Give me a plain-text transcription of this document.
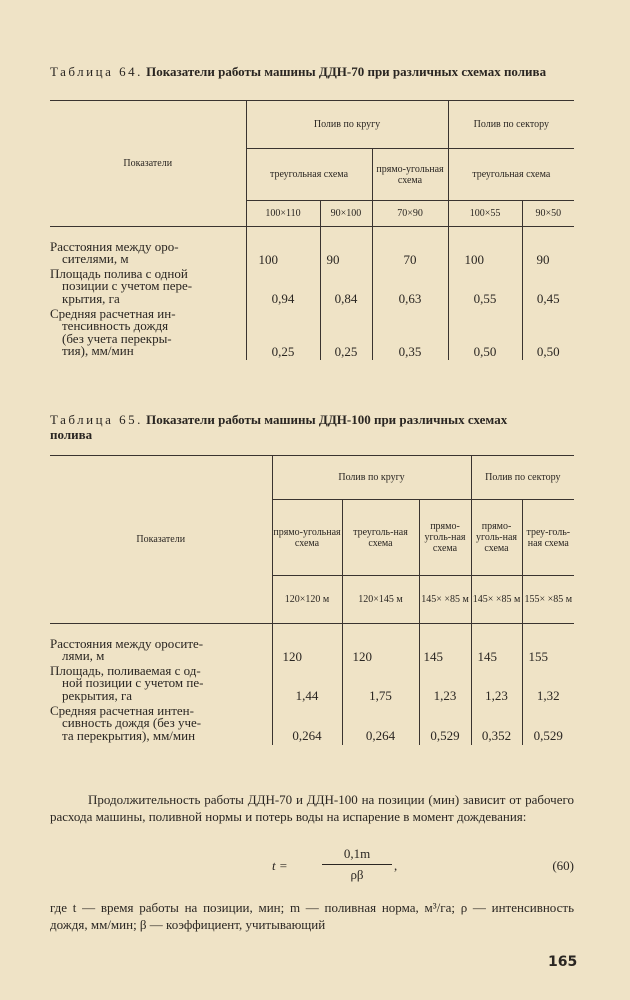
Таблица 64. Показатели работы машины ДДН-70 при различных схемах полива

Показатели	Полив по кругу			Полив по сектору	
	треугольная схема		прямо-угольная схема	треугольная схема	
	100×110	90×100	70×90	100×55	90×50

Расстояния между оро-
сителями, м	100	90	70	100	90

Площадь полива с одной
позиции с учетом пере-
крытия, га	0,94	0,84	0,63	0,55	0,45

Средняя расчетная ин-
тенсивность дождя
(без учета перекры-
тия), мм/мин	0,25	0,25	0,35	0,50	0,50

Таблица 65. Показатели работы машины ДДН-100 при различных схемах полива

Показатели	Полив по кругу			Полив по сектору	
	прямо-угольная схема	треуголь-ная схема	прямо-уголь-ная схема	прямо-уголь-ная схема	треу-голь-ная схема
	120×120 м	120×145 м	145× ×85 м	145× ×85 м	155× ×85 м

Расстояния между оросите-
лями, м	120	120	145	145	155

Площадь, поливаемая с од-
ной позиции с учетом пе-
рекрытия, га	1,44	1,75	1,23	1,23	1,32

Средняя расчетная интен-
сивность дождя (без уче-
та перекрытия), мм/мин	0,264	0,264	0,529	0,352	0,529

Продолжительность работы ДДН-70 и ДДН-100 на позиции (мин) зависит от рабочего расхода машины, поливной нормы и потерь воды на испарение в момент дождевания:

t =	$\frac{0,1m}{\rho\beta}$ ,	(60)

где t — время работы на позиции, мин; m — поливная норма, м³/га; ρ — интенсивность дождя, мм/мин; β — коэффициент, учитывающий

165
